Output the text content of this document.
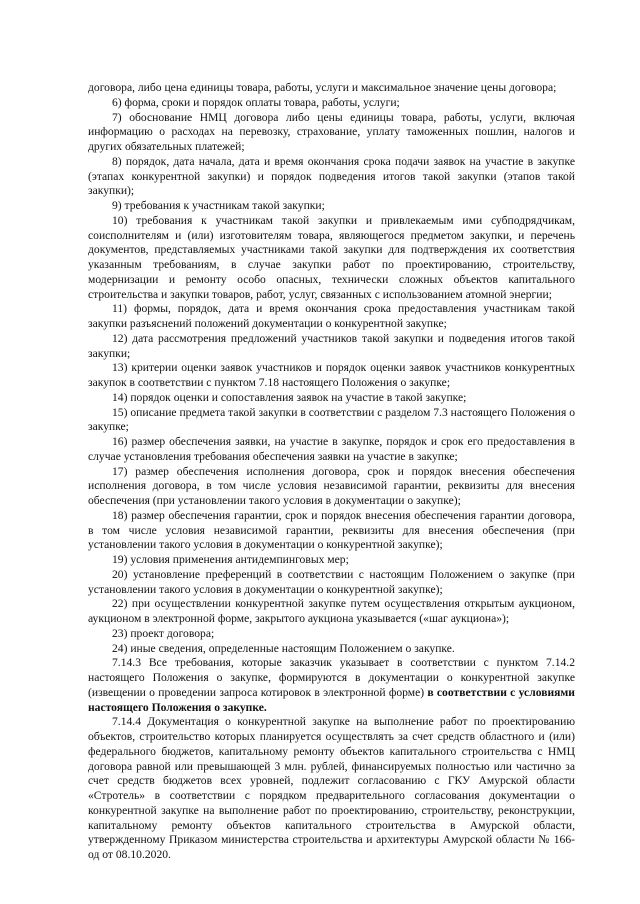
договора, либо цена единицы товара, работы, услуги и максимальное значение цены договора;

6) форма, сроки и порядок оплаты товара, работы, услуги;

7) обоснование НМЦ договора либо цены единицы товара, работы, услуги, включая информацию о расходах на перевозку, страхование, уплату таможенных пошлин, налогов и других обязательных платежей;

8) порядок, дата начала, дата и время окончания срока подачи заявок на участие в закупке (этапах конкурентной закупки) и порядок подведения итогов такой закупки (этапов такой закупки);

9) требования к участникам такой закупки;

10) требования к участникам такой закупки и привлекаемым ими субподрядчикам, соисполнителям и (или) изготовителям товара, являющегося предметом закупки, и перечень документов, представляемых участниками такой закупки для подтверждения их соответствия указанным требованиям, в случае закупки работ по проектированию, строительству, модернизации и ремонту особо опасных, технически сложных объектов капитального строительства и закупки товаров, работ, услуг, связанных с использованием атомной энергии;

11) формы, порядок, дата и время окончания срока предоставления участникам такой закупки разъяснений положений документации о конкурентной закупке;

12) дата рассмотрения предложений участников такой закупки и подведения итогов такой закупки;

13) критерии оценки заявок участников и порядок оценки заявок участников конкурентных закупок в соответствии с пунктом 7.18 настоящего Положения о закупке;

14) порядок оценки и сопоставления заявок на участие в такой закупке;

15) описание предмета такой закупки в соответствии с разделом 7.3 настоящего Положения о закупке;

16) размер обеспечения заявки, на участие в закупке, порядок и срок его предоставления в случае установления требования обеспечения заявки на участие в закупке;

17) размер обеспечения исполнения договора, срок и порядок внесения обеспечения исполнения договора, в том числе условия независимой гарантии, реквизиты для внесения обеспечения (при установлении такого условия в документации о закупке);

18) размер обеспечения гарантии, срок и порядок внесения обеспечения гарантии договора, в том числе условия независимой гарантии, реквизиты для внесения обеспечения (при установлении такого условия в документации о конкурентной закупке);

19) условия применения антидемпинговых мер;

20) установление преференций в соответствии с настоящим Положением о закупке (при установлении такого условия в документации о конкурентной закупке);

22) при осуществлении конкурентной закупке путем осуществления открытым аукционом, аукционом в электронной форме, закрытого аукциона указывается («шаг аукциона»);

23) проект договора;

24) иные сведения, определенные настоящим Положением о закупке.

7.14.3 Все требования, которые заказчик указывает в соответствии с пунктом 7.14.2 настоящего Положения о закупке, формируются в документации о конкурентной закупке (извещении о проведении запроса котировок в электронной форме) в соответствии с условиями настоящего Положения о закупке.

7.14.4 Документация о конкурентной закупке на выполнение работ по проектированию объектов, строительство которых планируется осуществлять за счет средств областного и (или) федерального бюджетов, капитальному ремонту объектов капитального строительства с НМЦ договора равной или превышающей 3 млн. рублей, финансируемых полностью или частично за счет средств бюджетов всех уровней, подлежит согласованию с ГКУ Амурской области «Стротель» в соответствии с порядком предварительного согласования документации о конкурентной закупке на выполнение работ по проектированию, строительству, реконструкции, капитальному ремонту объектов капитального строительства в Амурской области, утвержденному Приказом министерства строительства и архитектуры Амурской области № 166-од от 08.10.2020.
